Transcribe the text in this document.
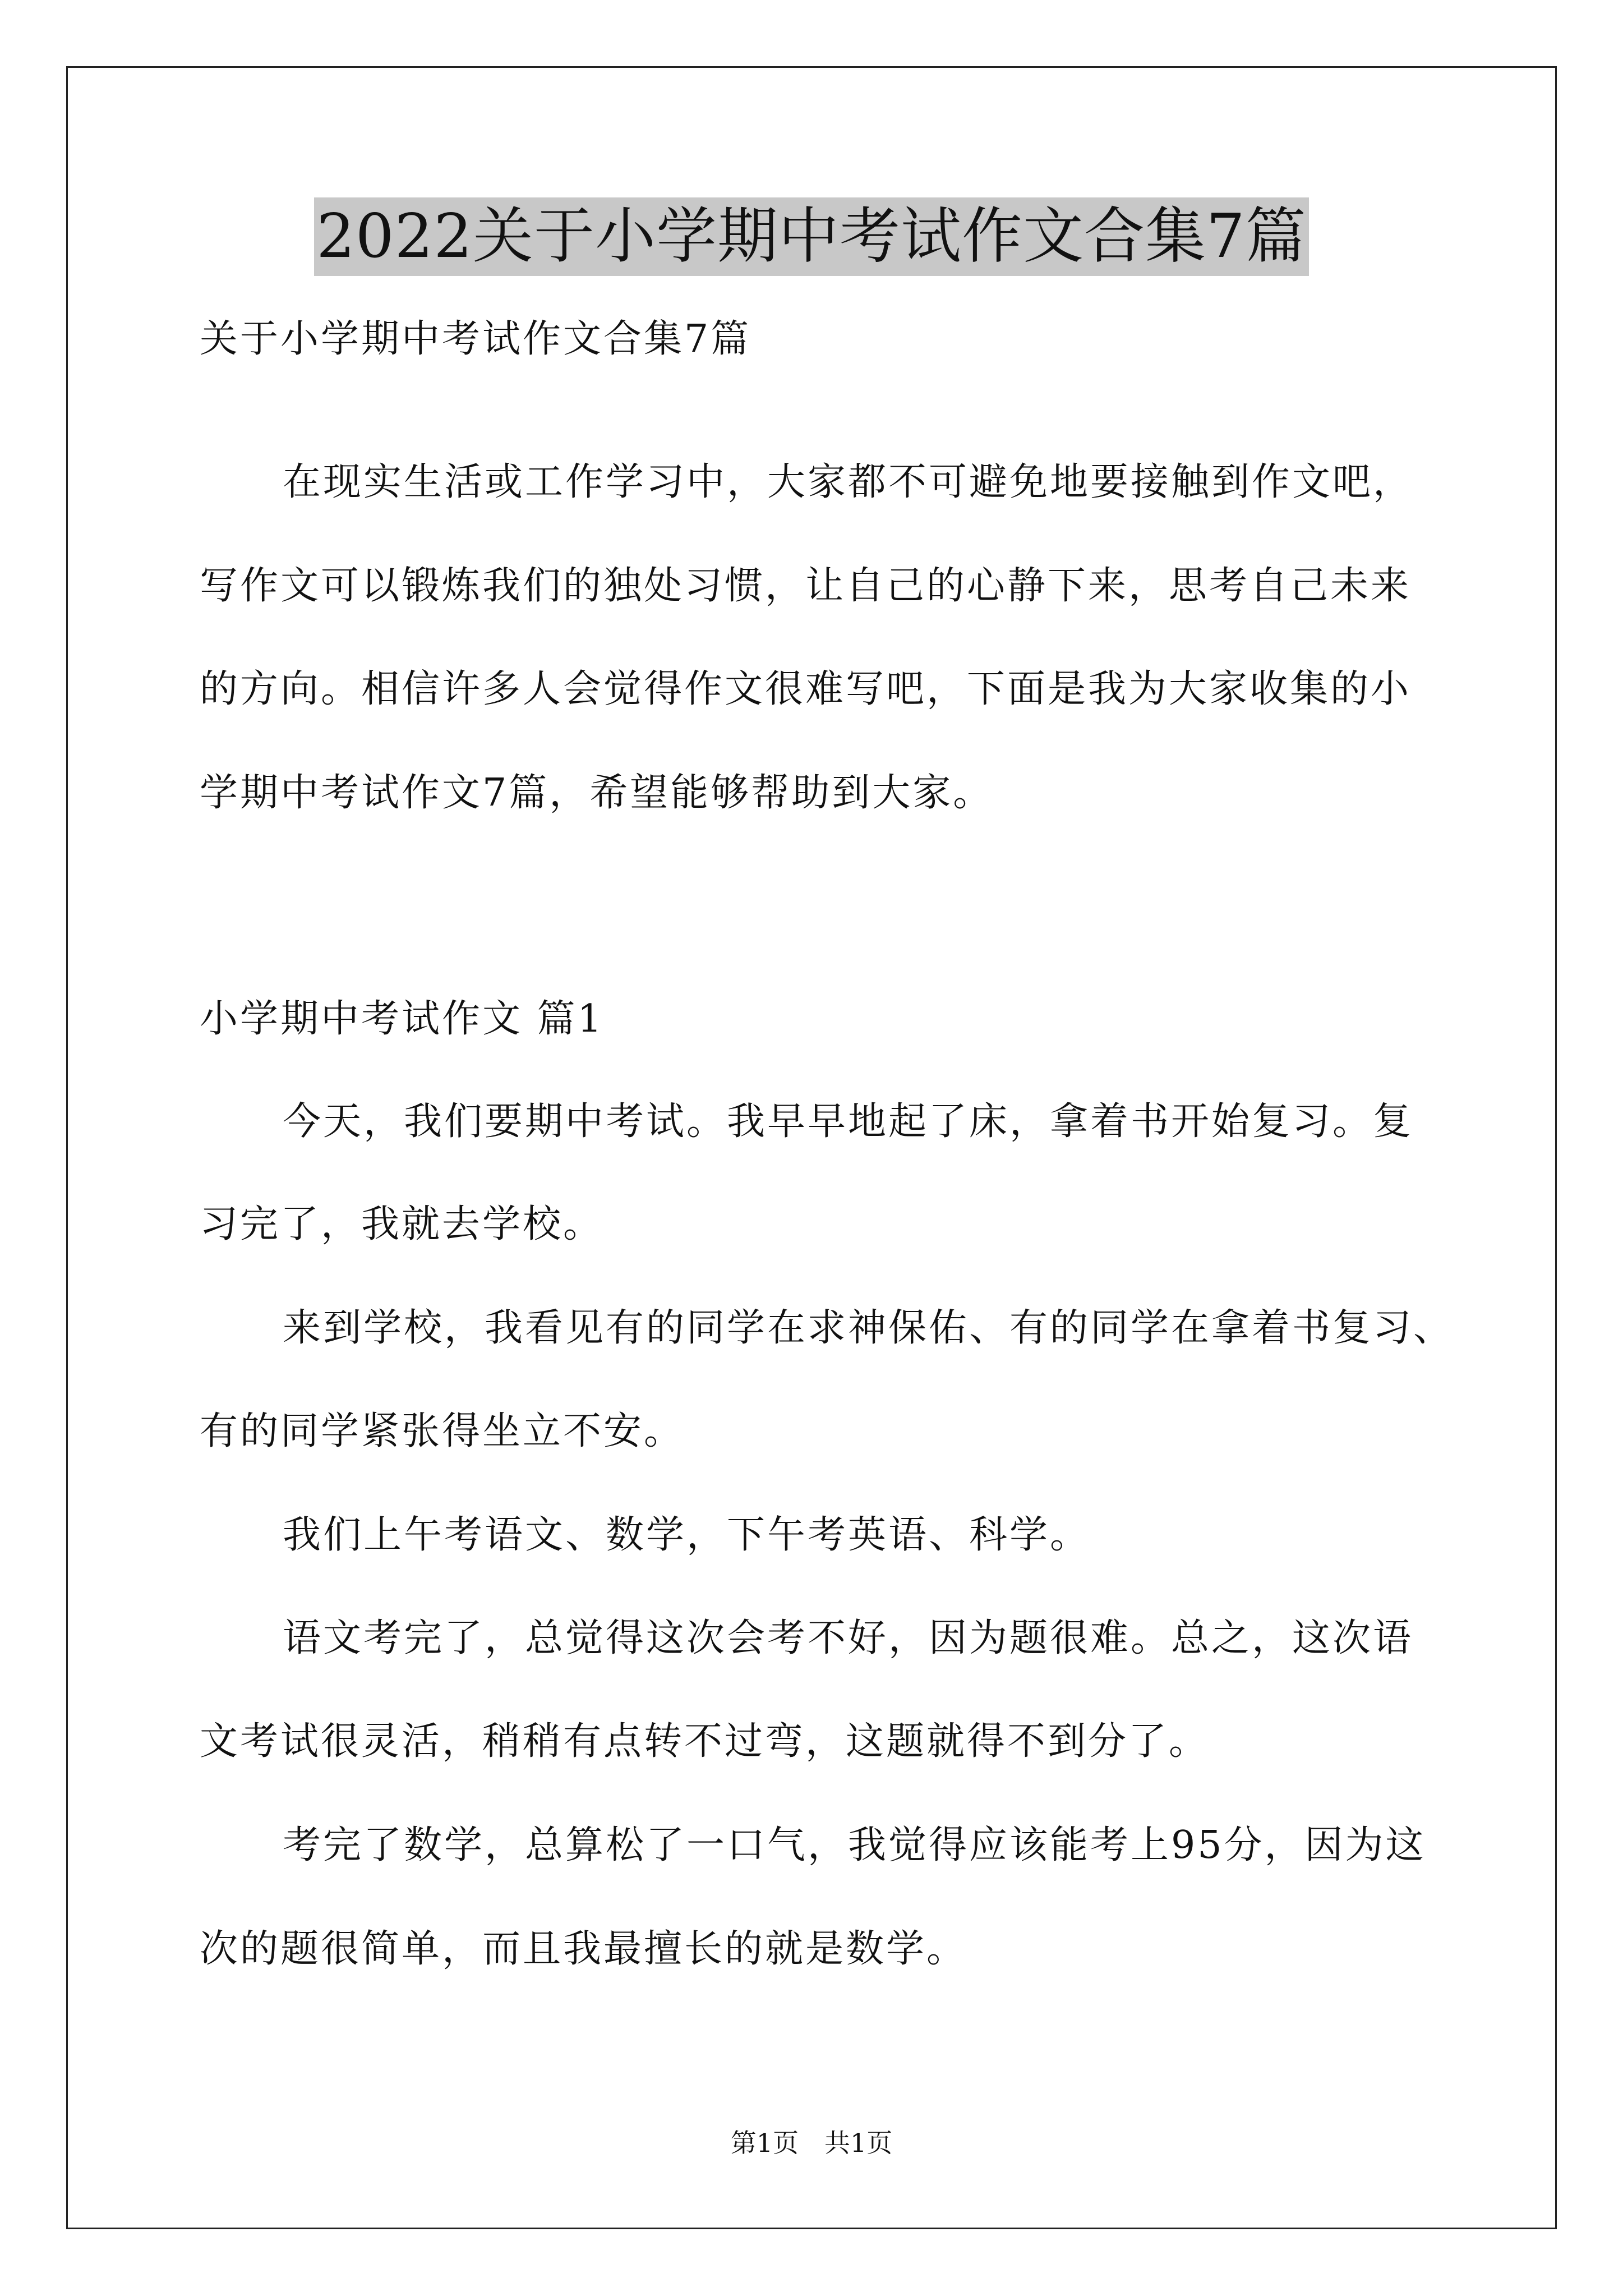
2022关于小学期中考试作文合集7篇
关于小学期中考试作文合集7篇
在现实生活或工作学习中，大家都不可避免地要接触到作文吧，
写作文可以锻炼我们的独处习惯，让自己的心静下来，思考自己未来
的方向。相信许多人会觉得作文很难写吧，下面是我为大家收集的小
学期中考试作文7篇，希望能够帮助到大家。
小学期中考试作文 篇1
今天，我们要期中考试。我早早地起了床，拿着书开始复习。复
习完了，我就去学校。
来到学校，我看见有的同学在求神保佑、有的同学在拿着书复习、
有的同学紧张得坐立不安。
我们上午考语文、数学，下午考英语、科学。
语文考完了，总觉得这次会考不好，因为题很难。总之，这次语
文考试很灵活，稍稍有点转不过弯，这题就得不到分了。
考完了数学，总算松了一口气，我觉得应该能考上95分，因为这
次的题很简单，而且我最擅长的就是数学。
第1页　共1页
